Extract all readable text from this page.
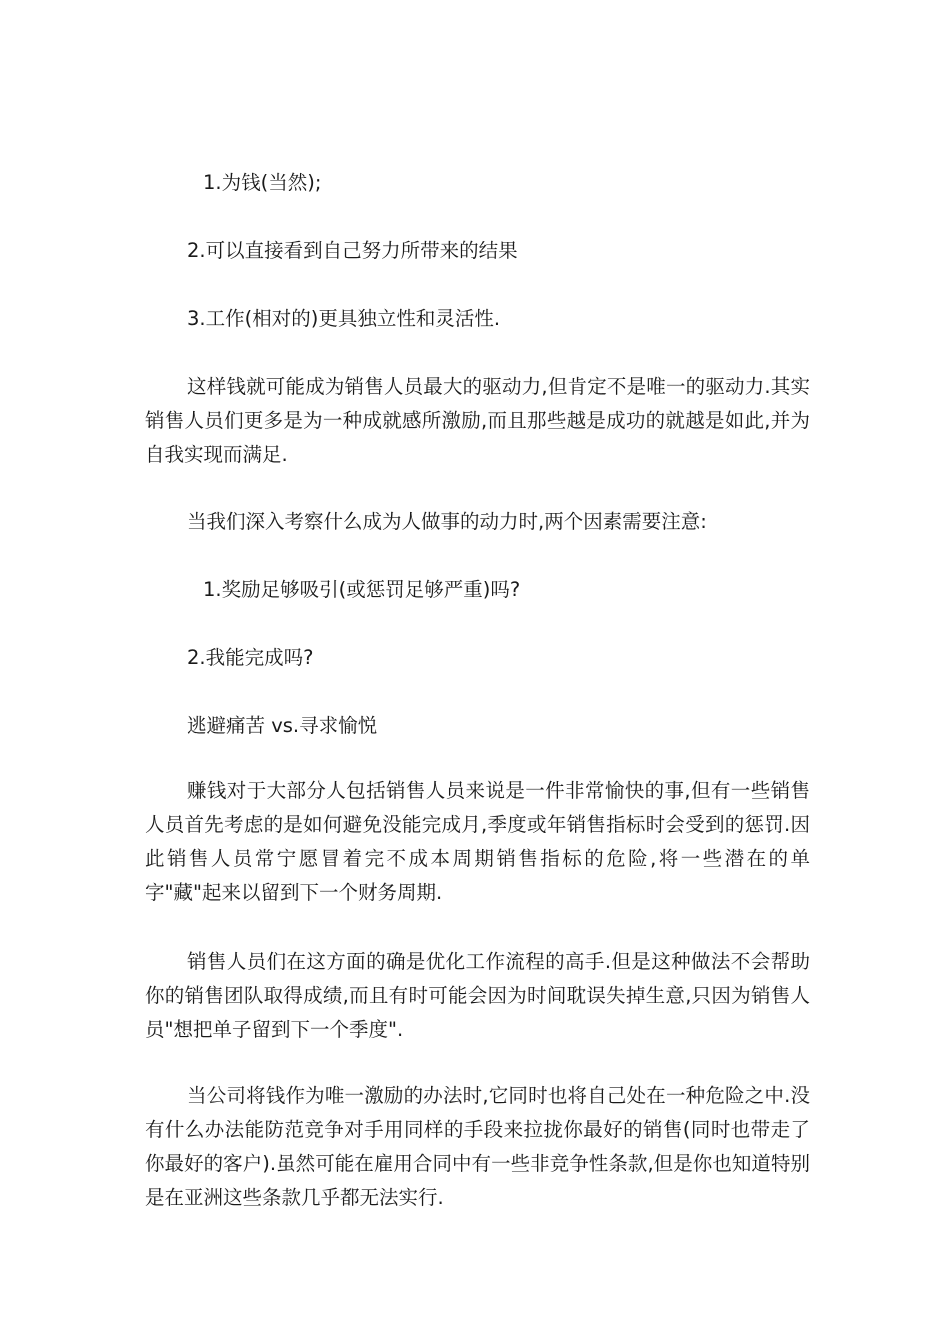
1.为钱(当然);
2.可以直接看到自己努力所带来的结果
3.工作(相对的)更具独立性和灵活性.
这样钱就可能成为销售人员最大的驱动力,但肯定不是唯一的驱动力.其实销售人员们更多是为一种成就感所激励,而且那些越是成功的就越是如此,并为自我实现而满足.
当我们深入考察什么成为人做事的动力时,两个因素需要注意:
1.奖励足够吸引(或惩罚足够严重)吗?
2.我能完成吗?
逃避痛苦 vs.寻求愉悦
赚钱对于大部分人包括销售人员来说是一件非常愉快的事,但有一些销售人员首先考虑的是如何避免没能完成月,季度或年销售指标时会受到的惩罚.因此销售人员常宁愿冒着完不成本周期销售指标的危险,将一些潜在的单字"藏"起来以留到下一个财务周期.
销售人员们在这方面的确是优化工作流程的高手.但是这种做法不会帮助你的销售团队取得成绩,而且有时可能会因为时间耽误失掉生意,只因为销售人员"想把单子留到下一个季度".
当公司将钱作为唯一激励的办法时,它同时也将自己处在一种危险之中.没有什么办法能防范竞争对手用同样的手段来拉拢你最好的销售(同时也带走了你最好的客户).虽然可能在雇用合同中有一些非竞争性条款,但是你也知道特别是在亚洲这些条款几乎都无法实行.
